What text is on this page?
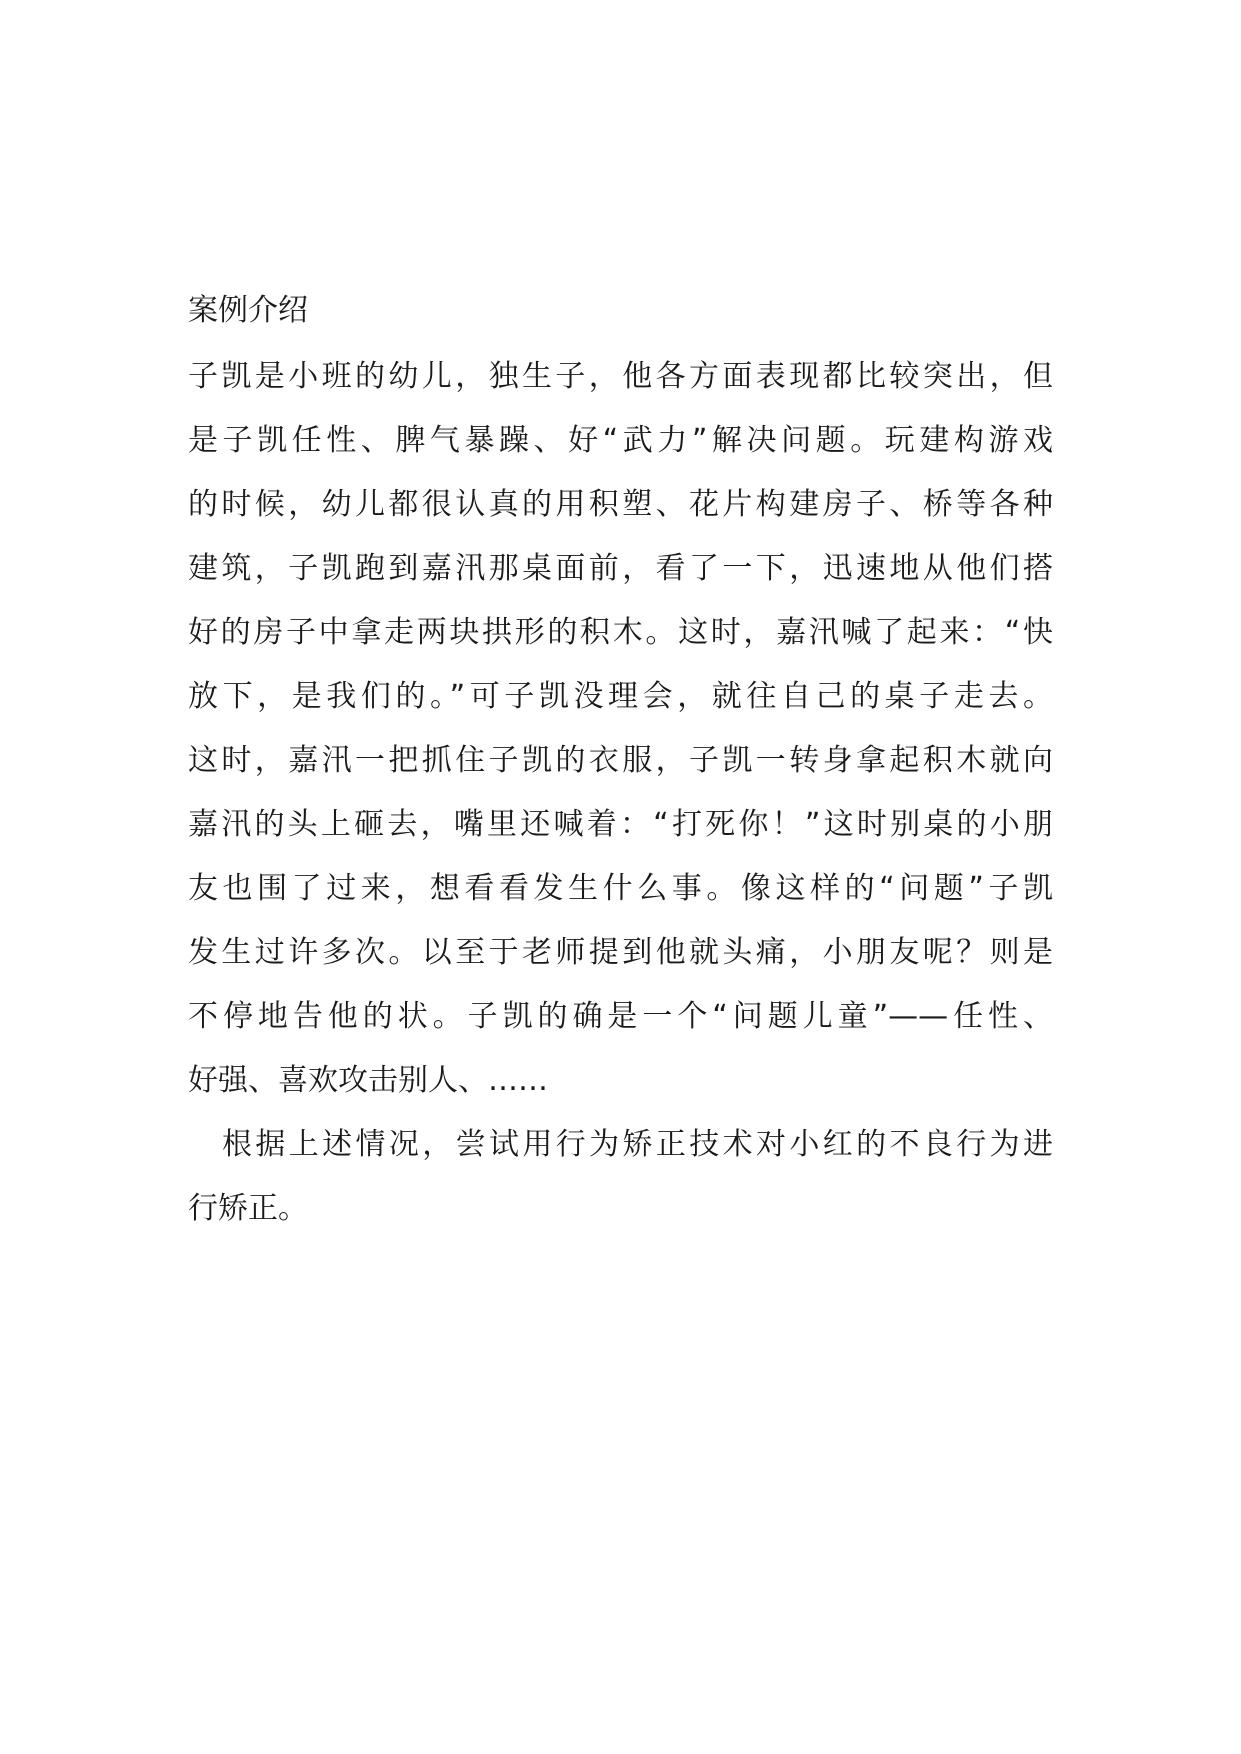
案例介绍
子凯是小班的幼儿，独生子，他各方面表现都比较突出，但
是子凯任性、脾气暴躁、好“武力”解决问题。玩建构游戏
的时候，幼儿都很认真的用积塑、花片构建房子、桥等各种
建筑，子凯跑到嘉汛那桌面前，看了一下，迅速地从他们搭
好的房子中拿走两块拱形的积木。这时，嘉汛喊了起来：“快
放下，是我们的。”可子凯没理会，就往自己的桌子走去。
这时，嘉汛一把抓住子凯的衣服，子凯一转身拿起积木就向
嘉汛的头上砸去，嘴里还喊着：“打死你！”这时别桌的小朋
友也围了过来，想看看发生什么事。像这样的“问题”子凯
发生过许多次。以至于老师提到他就头痛，小朋友呢？则是
不停地告他的状。子凯的确是一个“问题儿童”——任性、
好强、喜欢攻击别人、……
根据上述情况，尝试用行为矫正技术对小红的不良行为进
行矫正。
